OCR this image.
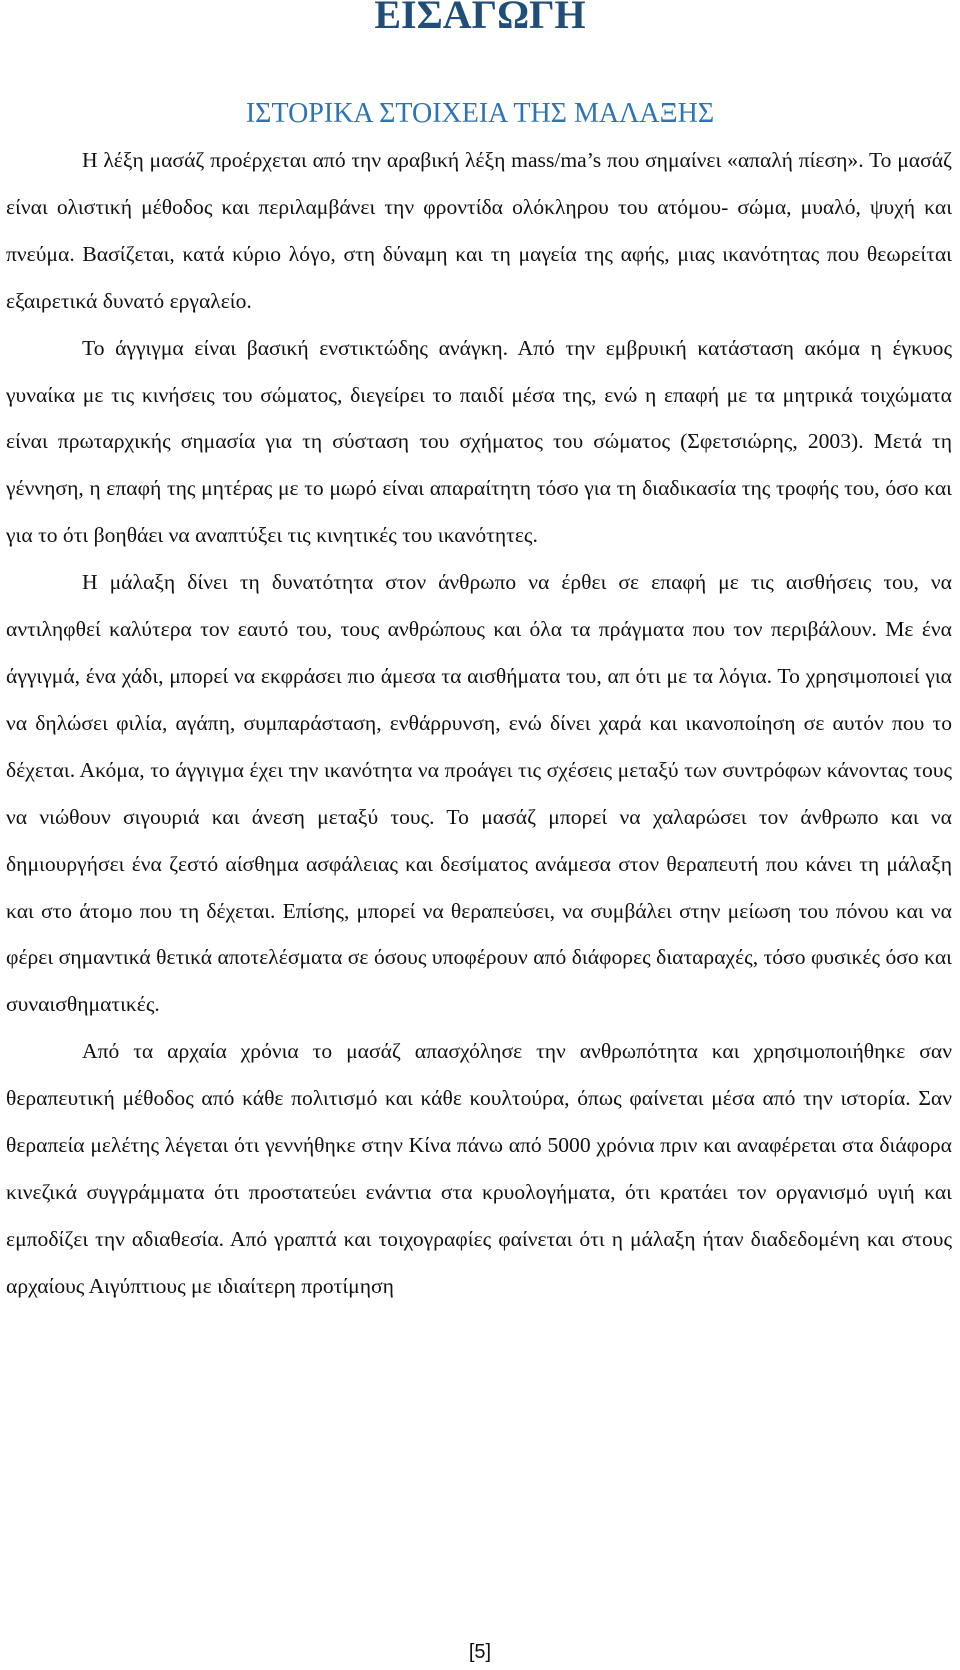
ΕΙΣΑΓΩΓΗ
ΙΣΤΟΡΙΚΑ ΣΤΟΙΧΕΙΑ ΤΗΣ ΜΑΛΑΞΗΣ

Η λέξη μασάζ προέρχεται από την αραβική λέξη mass/ma’s που σημαίνει «απαλή πίεση». Το μασάζ είναι ολιστική μέθοδος και περιλαμβάνει την φροντίδα ολόκληρου του ατόμου- σώμα, μυαλό, ψυχή και πνεύμα. Βασίζεται, κατά κύριο λόγο, στη δύναμη και τη μαγεία της αφής, μιας ικανότητας που θεωρείται εξαιρετικά δυνατό εργαλείο.

Το άγγιγμα είναι βασική ενστικτώδης ανάγκη. Από την εμβρυική κατάσταση ακόμα η έγκυος γυναίκα με τις κινήσεις του σώματος, διεγείρει το παιδί μέσα της, ενώ η επαφή με τα μητρικά τοιχώματα είναι πρωταρχικής σημασία για τη σύσταση του σχήματος του σώματος (Σφετσιώρης, 2003). Μετά τη γέννηση, η επαφή της μητέρας με το μωρό είναι απαραίτητη τόσο για τη διαδικασία της τροφής του, όσο και για το ότι βοηθάει να αναπτύξει τις κινητικές του ικανότητες.

Η μάλαξη δίνει τη δυνατότητα στον άνθρωπο να έρθει σε επαφή με τις αισθήσεις του, να αντιληφθεί καλύτερα τον εαυτό του, τους ανθρώπους και όλα τα πράγματα που τον περιβάλουν. Με ένα άγγιγμά, ένα χάδι, μπορεί να εκφράσει πιο άμεσα τα αισθήματα του, απ ότι με τα λόγια. Το χρησιμοποιεί για να δηλώσει φιλία, αγάπη, συμπαράσταση, ενθάρρυνση, ενώ δίνει χαρά και ικανοποίηση σε αυτόν που το δέχεται. Ακόμα, το άγγιγμα έχει την ικανότητα να προάγει τις σχέσεις μεταξύ των συντρόφων κάνοντας τους να νιώθουν σιγουριά και άνεση μεταξύ τους. Το μασάζ μπορεί να χαλαρώσει τον άνθρωπο και να δημιουργήσει ένα ζεστό αίσθημα ασφάλειας και δεσίματος ανάμεσα στον θεραπευτή που κάνει τη μάλαξη και στο άτομο που τη δέχεται. Επίσης, μπορεί να θεραπεύσει, να συμβάλει στην μείωση του πόνου και να φέρει σημαντικά θετικά αποτελέσματα σε όσους υποφέρουν από διάφορες διαταραχές, τόσο φυσικές όσο και συναισθηματικές.

Από τα αρχαία χρόνια το μασάζ απασχόλησε την ανθρωπότητα και χρησιμοποιήθηκε σαν θεραπευτική μέθοδος από κάθε πολιτισμό και κάθε κουλτούρα, όπως φαίνεται μέσα από την ιστορία. Σαν θεραπεία μελέτης λέγεται ότι γεννήθηκε στην Κίνα πάνω από 5000 χρόνια πριν και αναφέρεται στα διάφορα κινεζικά συγγράμματα ότι προστατεύει ενάντια στα κρυολογήματα, ότι κρατάει τον οργανισμό υγιή και εμποδίζει την αδιαθεσία. Από γραπτά και τοιχογραφίες φαίνεται ότι η μάλαξη ήταν διαδεδομένη και στους αρχαίους Αιγύπτιους με ιδιαίτερη προτίμηση

[5]
